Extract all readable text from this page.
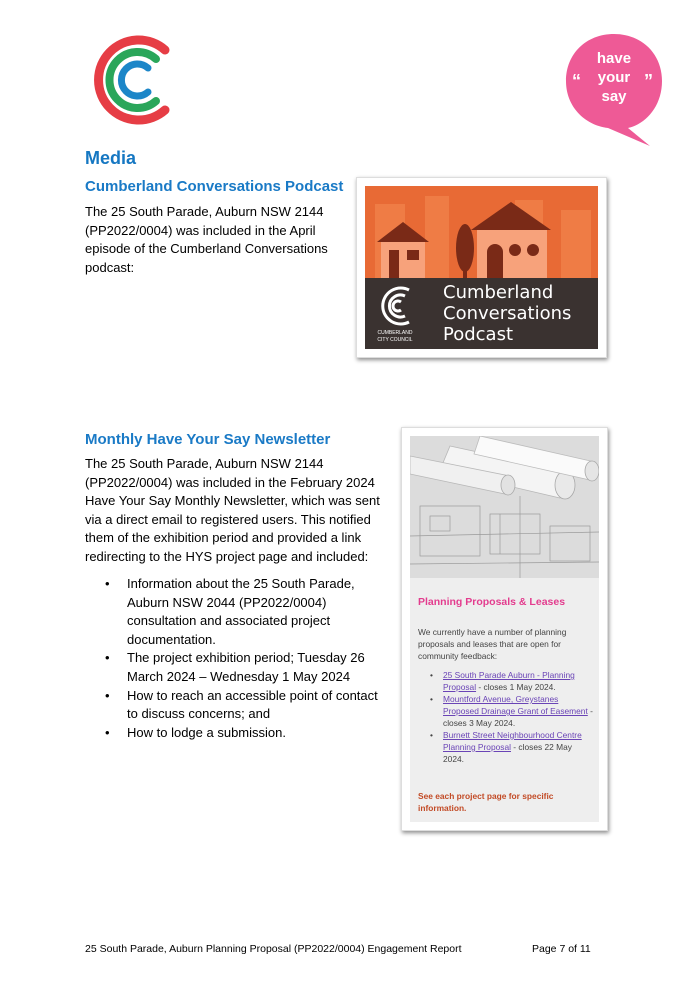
“	”
have
your
say
Media
Cumberland Conversations Podcast
The 25 South Parade, Auburn NSW 2144
(PP2022/0004) was included in the April
episode of the Cumberland Conversations
podcast:
CUMBERLAND
CITY COUNCIL
Cumberland
Conversations
Podcast
Monthly Have Your Say Newsletter
The 25 South Parade, Auburn NSW 2144
(PP2022/0004) was included in the February 2024
Have Your Say Monthly Newsletter, which was sent
via a direct email to registered users. This notified
them of the exhibition period and provided a link
redirecting to the HYS project page and included:
• Information about the 25 South Parade,
Auburn NSW 2044 (PP2022/0004)
consultation and associated project
documentation.
• The project exhibition period; Tuesday 26
March 2024 – Wednesday 1 May 2024
• How to reach an accessible point of contact
to discuss concerns; and
• How to lodge a submission.

Planning Proposals & Leases

We currently have a number of planning proposals and leases that are open for community feedback:

• 25 South Parade Auburn - Planning Proposal - closes 1 May 2024.
• Mountford Avenue, Greystanes Proposed Drainage Grant of Easement - closes 3 May 2024.
• Burnett Street Neighbourhood Centre Planning Proposal - closes 22 May 2024.

See each project page for specific information.

25 South Parade, Auburn Planning Proposal (PP2022/0004) Engagement Report	Page 7 of 11
